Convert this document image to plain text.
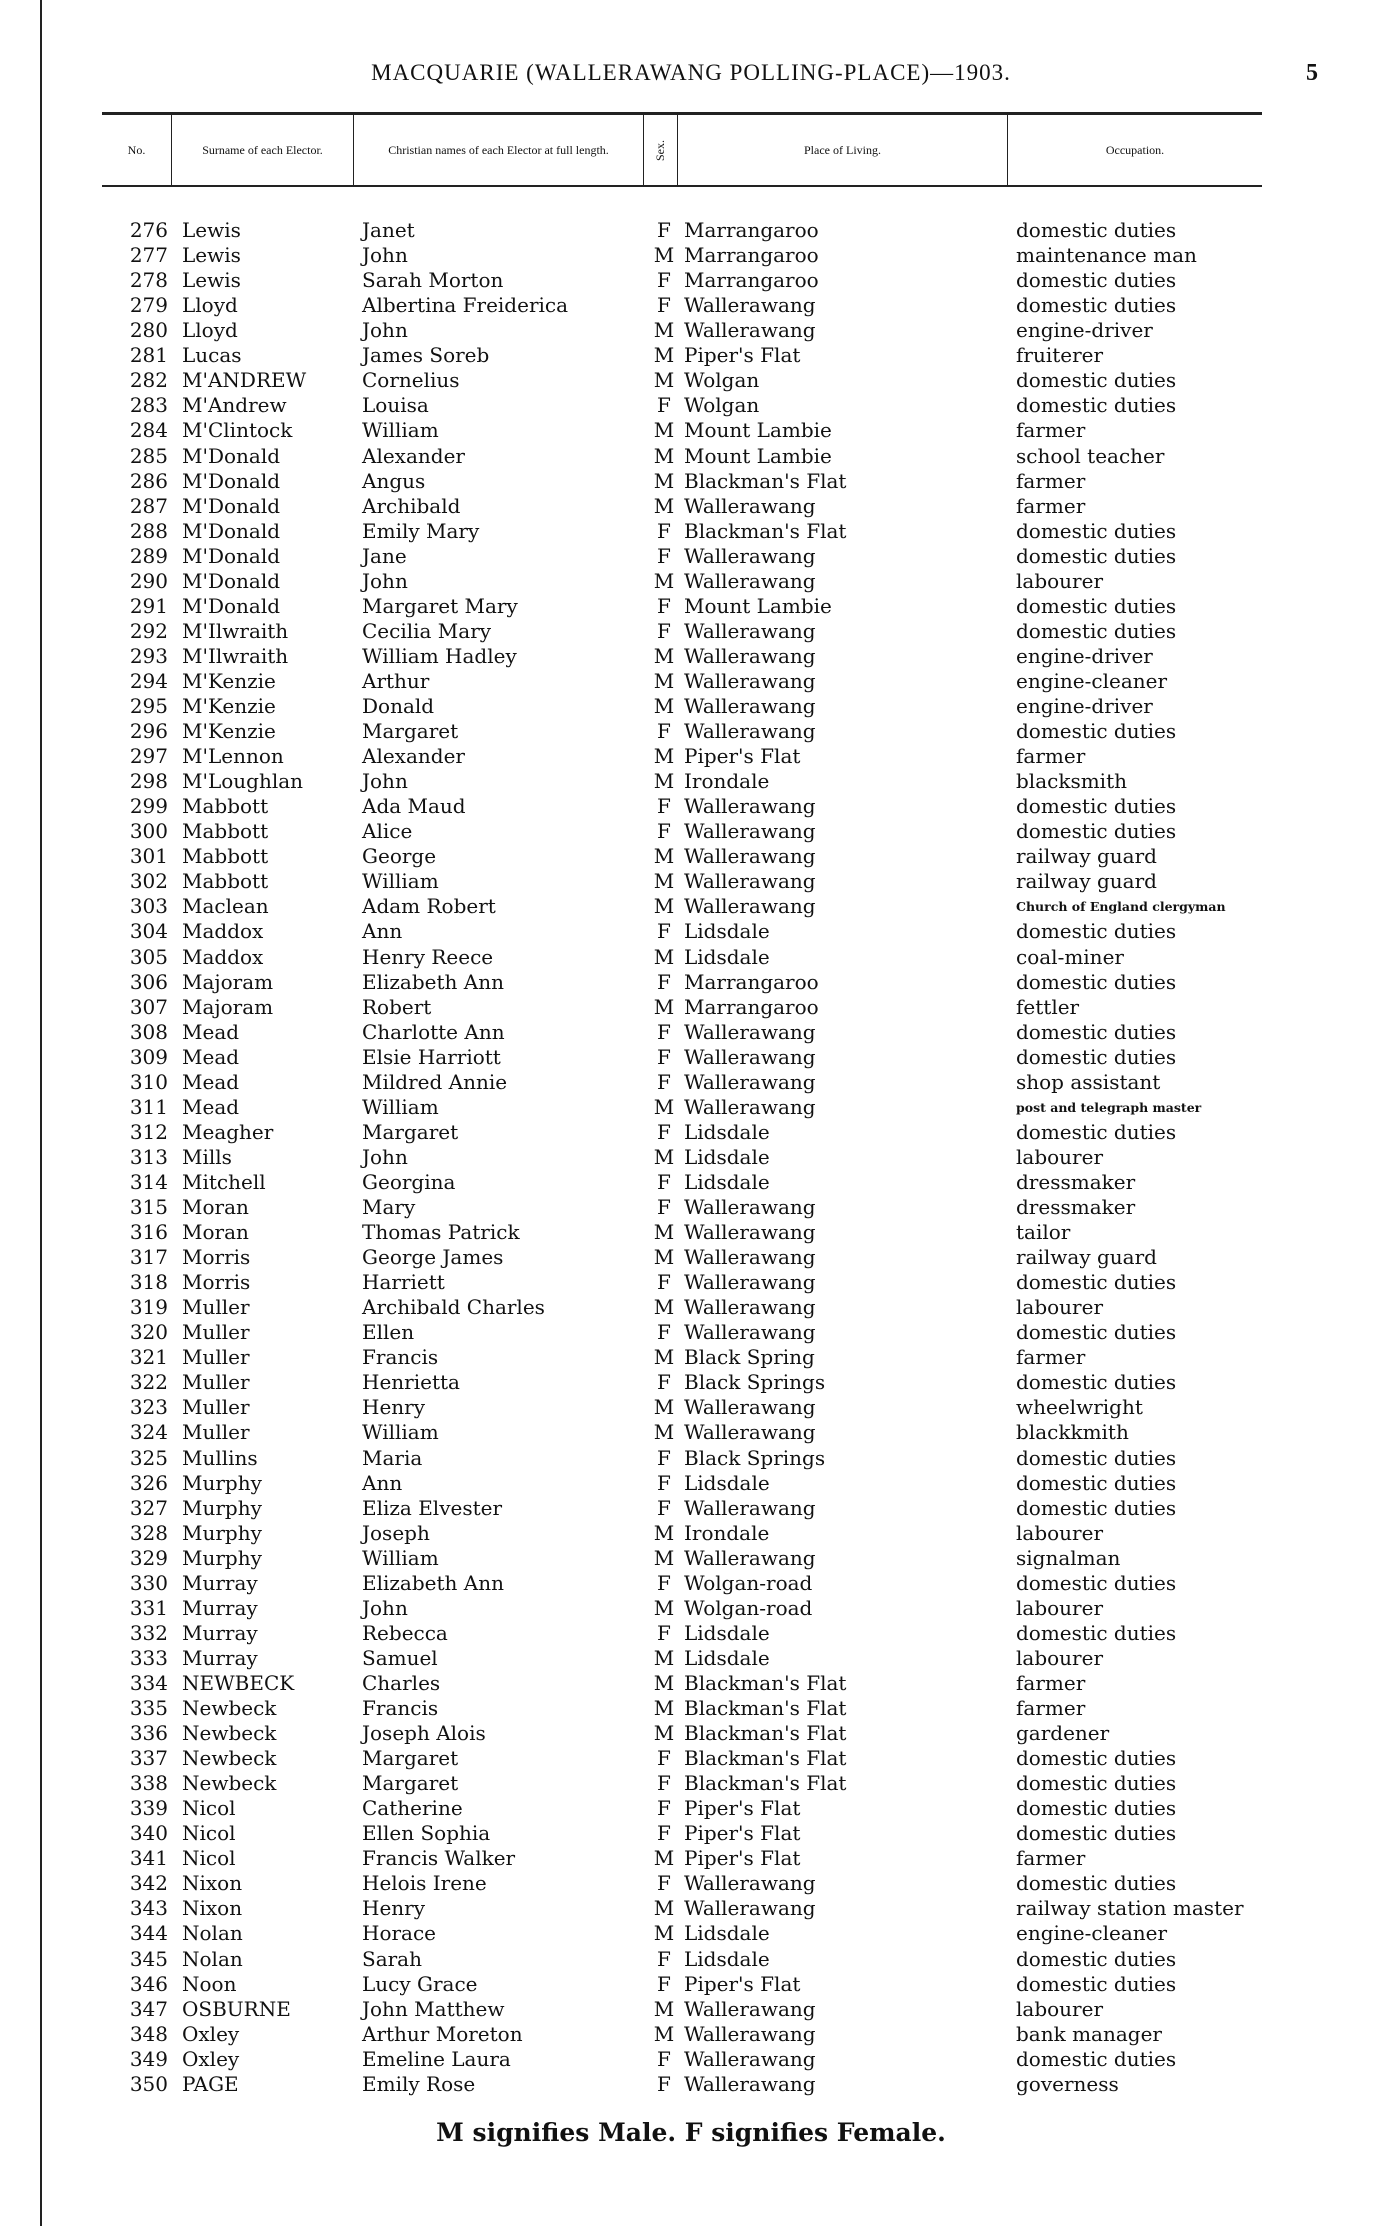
MACQUARIE (WALLERAWANG POLLING-PLACE)—1903.	5
No.	Surname of each Elector.	Christian names of each Elector at full length.	Sex.	Place of Living.	Occupation.
276 Lewis	Janet	F Marrangaroo	domestic duties
277 Lewis	John	M Marrangaroo	maintenance man
278 Lewis	Sarah Morton	F Marrangaroo	domestic duties
279 Lloyd	Albertina Freiderica	F Wallerawang	domestic duties
280 Lloyd	John	M Wallerawang	engine-driver
281 Lucas	James Soreb	M Piper's Flat	fruiterer
282 M'ANDREW	Cornelius	M Wolgan	domestic duties
283 M'Andrew	Louisa	F Wolgan	domestic duties
284 M'Clintock	William	M Mount Lambie	farmer
285 M'Donald	Alexander	M Mount Lambie	school teacher
286 M'Donald	Angus	M Blackman's Flat	farmer
287 M'Donald	Archibald	M Wallerawang	farmer
288 M'Donald	Emily Mary	F Blackman's Flat	domestic duties
289 M'Donald	Jane	F Wallerawang	domestic duties
290 M'Donald	John	M Wallerawang	labourer
291 M'Donald	Margaret Mary	F Mount Lambie	domestic duties
292 M'Ilwraith	Cecilia Mary	F Wallerawang	domestic duties
293 M'Ilwraith	William Hadley	M Wallerawang	engine-driver
294 M'Kenzie	Arthur	M Wallerawang	engine-cleaner
295 M'Kenzie	Donald	M Wallerawang	engine-driver
296 M'Kenzie	Margaret	F Wallerawang	domestic duties
297 M'Lennon	Alexander	M Piper's Flat	farmer
298 M'Loughlan	John	M Irondale	blacksmith
299 Mabbott	Ada Maud	F Wallerawang	domestic duties
300 Mabbott	Alice	F Wallerawang	domestic duties
301 Mabbott	George	M Wallerawang	railway guard
302 Mabbott	William	M Wallerawang	railway guard
303 Maclean	Adam Robert	M Wallerawang	Church of England clergyman
304 Maddox	Ann	F Lidsdale	domestic duties
305 Maddox	Henry Reece	M Lidsdale	coal-miner
306 Majoram	Elizabeth Ann	F Marrangaroo	domestic duties
307 Majoram	Robert	M Marrangaroo	fettler
308 Mead	Charlotte Ann	F Wallerawang	domestic duties
309 Mead	Elsie Harriott	F Wallerawang	domestic duties
310 Mead	Mildred Annie	F Wallerawang	shop assistant
311 Mead	William	M Wallerawang	post and telegraph master
312 Meagher	Margaret	F Lidsdale	domestic duties
313 Mills	John	M Lidsdale	labourer
314 Mitchell	Georgina	F Lidsdale	dressmaker
315 Moran	Mary	F Wallerawang	dressmaker
316 Moran	Thomas Patrick	M Wallerawang	tailor
317 Morris	George James	M Wallerawang	railway guard
318 Morris	Harriett	F Wallerawang	domestic duties
319 Muller	Archibald Charles	M Wallerawang	labourer
320 Muller	Ellen	F Wallerawang	domestic duties
321 Muller	Francis	M Black Spring	farmer
322 Muller	Henrietta	F Black Springs	domestic duties
323 Muller	Henry	M Wallerawang	wheelwright
324 Muller	William	M Wallerawang	blackkmith
325 Mullins	Maria	F Black Springs	domestic duties
326 Murphy	Ann	F Lidsdale	domestic duties
327 Murphy	Eliza Elvester	F Wallerawang	domestic duties
328 Murphy	Joseph	M Irondale	labourer
329 Murphy	William	M Wallerawang	signalman
330 Murray	Elizabeth Ann	F Wolgan-road	domestic duties
331 Murray	John	M Wolgan-road	labourer
332 Murray	Rebecca	F Lidsdale	domestic duties
333 Murray	Samuel	M Lidsdale	labourer
334 NEWBECK	Charles	M Blackman's Flat	farmer
335 Newbeck	Francis	M Blackman's Flat	farmer
336 Newbeck	Joseph Alois	M Blackman's Flat	gardener
337 Newbeck	Margaret	F Blackman's Flat	domestic duties
338 Newbeck	Margaret	F Blackman's Flat	domestic duties
339 Nicol	Catherine	F Piper's Flat	domestic duties
340 Nicol	Ellen Sophia	F Piper's Flat	domestic duties
341 Nicol	Francis Walker	M Piper's Flat	farmer
342 Nixon	Helois Irene	F Wallerawang	domestic duties
343 Nixon	Henry	M Wallerawang	railway station master
344 Nolan	Horace	M Lidsdale	engine-cleaner
345 Nolan	Sarah	F Lidsdale	domestic duties
346 Noon	Lucy Grace	F Piper's Flat	domestic duties
347 OSBURNE	John Matthew	M Wallerawang	labourer
348 Oxley	Arthur Moreton	M Wallerawang	bank manager
349 Oxley	Emeline Laura	F Wallerawang	domestic duties
350 PAGE	Emily Rose	F Wallerawang	governess
M signifies Male. F signifies Female.
